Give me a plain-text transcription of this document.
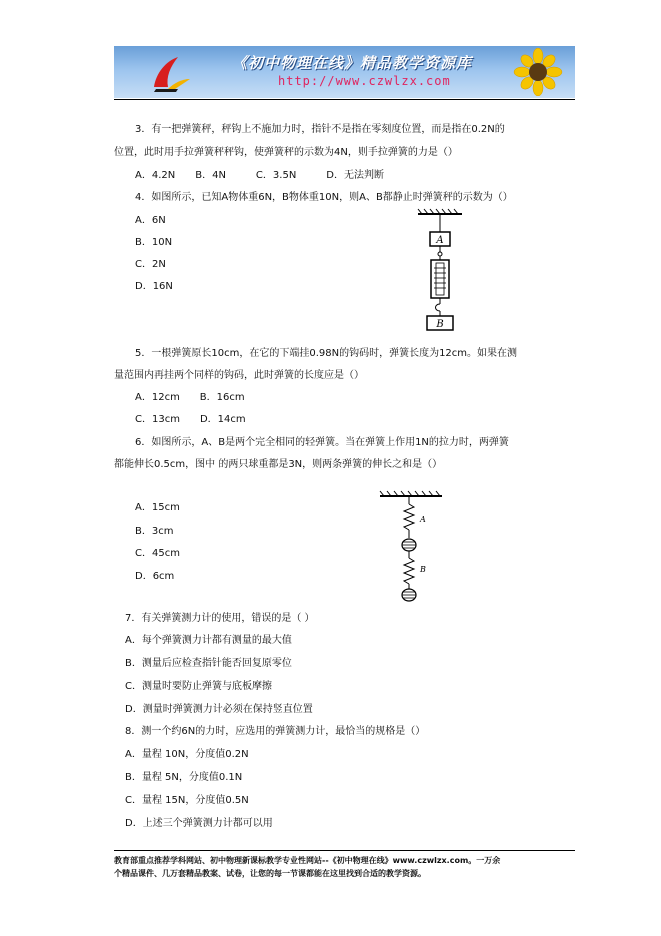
《初中物理在线》精品教学资源库
http://www.czwlzx.com
3．有一把弹簧秤，秤钩上不施加力时，指针不是指在零刻度位置，而是指在0.2N的
位置，此时用手拉弹簧秤秤钩，使弹簧秤的示数为4N，则手拉弹簧的力是（）
A．4.2N　　B．4N　　　C．3.5N　　　D．无法判断
4．如图所示，已知A物体重6N，B物体重10N，则A、B都静止时弹簧秤的示数为（）
A．6N
B．10N
C．2N
D．16N
A
B
5．一根弹簧原长10cm，在它的下端挂0.98N的钩码时，弹簧长度为12cm。如果在测
量范围内再挂两个同样的钩码，此时弹簧的长度应是（）
A．12cm　　B．16cm
C．13cm　　D．14cm
6．如图所示，A、B是两个完全相同的轻弹簧。当在弹簧上作用1N的拉力时，两弹簧
都能伸长0.5cm，图中 的两只球重都是3N，则两条弹簧的伸长之和是（）
A．15cm
B．3cm
C．45cm
D．6cm
A
B
7．有关弹簧测力计的使用，错误的是（ ）
A．每个弹簧测力计都有测量的最大值
B．测量后应检查指针能否回复原零位
C．测量时要防止弹簧与底板摩擦
D．测量时弹簧测力计必须在保持竖直位置
8．测一个约6N的力时，应选用的弹簧测力计，最恰当的规格是（）
A．量程 10N，分度值0.2N
B．量程 5N，分度值0.1N
C．量程 15N，分度值0.5N
D．上述三个弹簧测力计都可以用
教育部重点推荐学科网站、初中物理新课标教学专业性网站--《初中物理在线》www.czwlzx.com。一万余
个精品课件、几万套精品教案、试卷，让您的每一节课都能在这里找到合适的教学资源。
